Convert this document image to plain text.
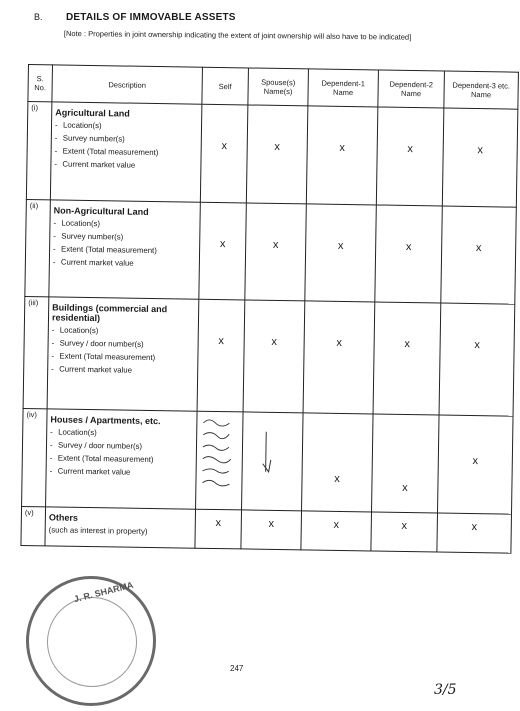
B. DETAILS OF IMMOVABLE ASSETS
[Note : Properties in joint ownership indicating the extent of joint ownership will also have to be indicated]
S. No.	Description	Self	Spouse(s) Name(s)	Dependent-1 Name	Dependent-2 Name	Dependent-3 etc. Name
(i)	Agricultural Land
- Location(s)
- Survey number(s)
- Extent (Total measurement)
- Current market value	x	x	x	x	x

(ii)	Non-Agricultural Land
- Location(s)
- Survey number(s)
- Extent (Total measurement)
- Current market value	x	x	x	x	x

(iii)	Buildings (commercial and residential)
- Location(s)
- Survey / door number(s)
- Extent (Total measurement)
- Current market value	x	x	x	x	x

(iv)	Houses / Apartments, etc.
- Location(s)
- Survey / door number(s)
- Extent (Total measurement)
- Current market value			x	x	x

(v)	Others
(such as interest in property)	x	x	x	x	x
J. R. SHARMA
247
3/5
